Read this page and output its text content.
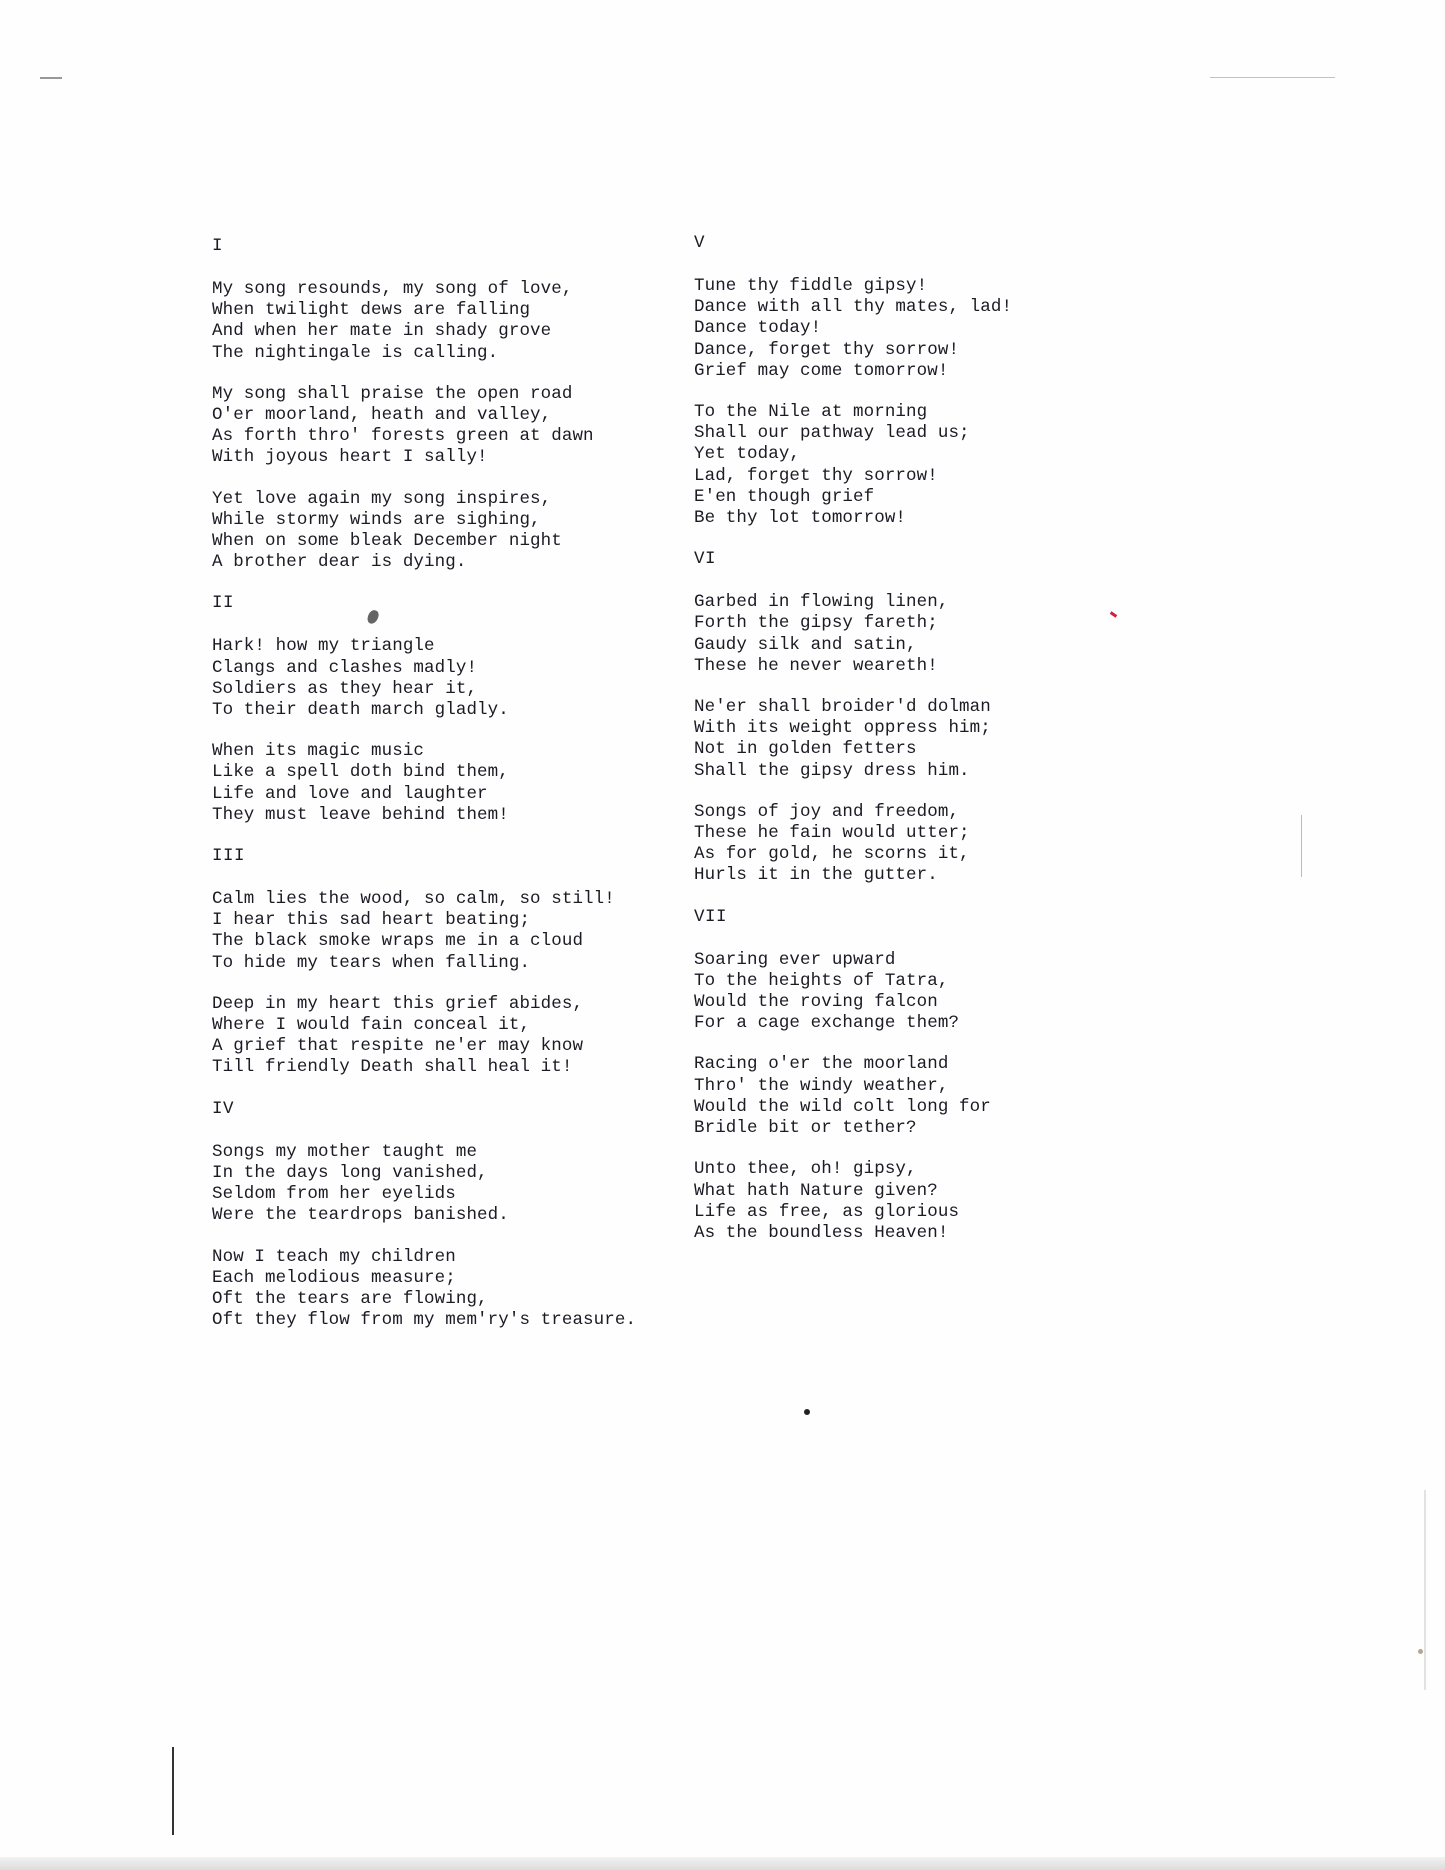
I
My song resounds, my song of love,
When twilight dews are falling
And when her mate in shady grove
The nightingale is calling.
My song shall praise the open road
O'er moorland, heath and valley,
As forth thro' forests green at dawn
With joyous heart I sally!
Yet love again my song inspires,
While stormy winds are sighing,
When on some bleak December night
A brother dear is dying.
II
Hark! how my triangle
Clangs and clashes madly!
Soldiers as they hear it,
To their death march gladly.
When its magic music
Like a spell doth bind them,
Life and love and laughter
They must leave behind them!
III
Calm lies the wood, so calm, so still!
I hear this sad heart beating;
The black smoke wraps me in a cloud
To hide my tears when falling.
Deep in my heart this grief abides,
Where I would fain conceal it,
A grief that respite ne'er may know
Till friendly Death shall heal it!
IV
Songs my mother taught me
In the days long vanished,
Seldom from her eyelids
Were the teardrops banished.
Now I teach my children
Each melodious measure;
Oft the tears are flowing,
Oft they flow from my mem'ry's treasure.
V
Tune thy fiddle gipsy!
Dance with all thy mates, lad!
Dance today!
Dance, forget thy sorrow!
Grief may come tomorrow!
To the Nile at morning
Shall our pathway lead us;
Yet today,
Lad, forget thy sorrow!
E'en though grief
Be thy lot tomorrow!
VI
Garbed in flowing linen,
Forth the gipsy fareth;
Gaudy silk and satin,
These he never weareth!
Ne'er shall broider'd dolman
With its weight oppress him;
Not in golden fetters
Shall the gipsy dress him.
Songs of joy and freedom,
These he fain would utter;
As for gold, he scorns it,
Hurls it in the gutter.
VII
Soaring ever upward
To the heights of Tatra,
Would the roving falcon
For a cage exchange them?
Racing o'er the moorland
Thro' the windy weather,
Would the wild colt long for
Bridle bit or tether?
Unto thee, oh! gipsy,
What hath Nature given?
Life as free, as glorious
As the boundless Heaven!
